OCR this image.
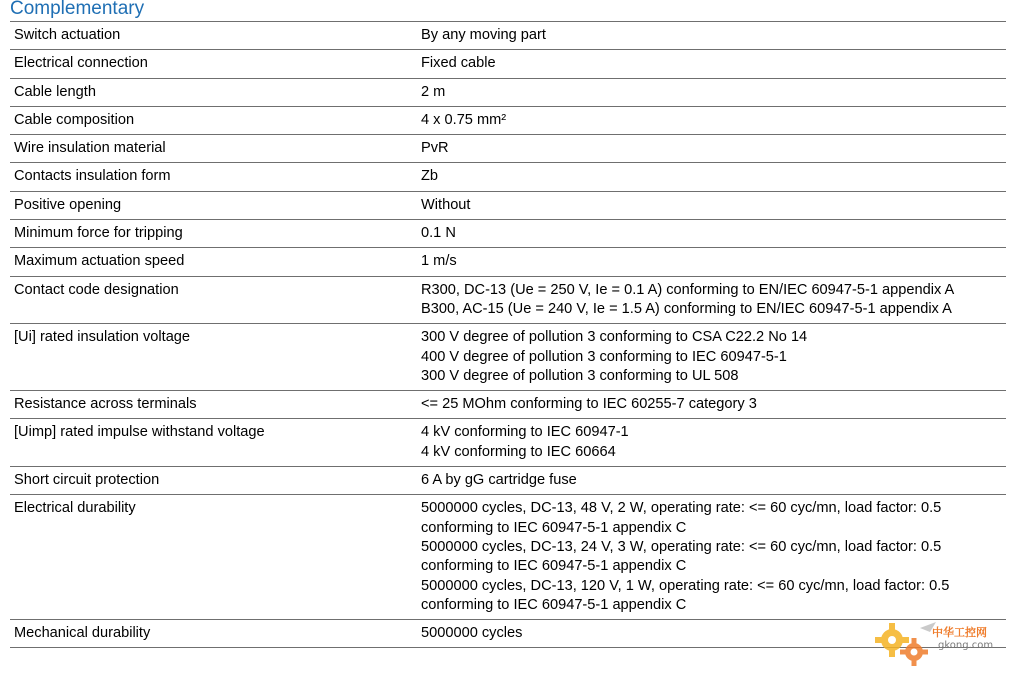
Complementary
Switch actuation	By any moving part

Electrical connection	Fixed cable

Cable length	2 m

Cable composition	4 x 0.75 mm²

Wire insulation material	PvR

Contacts insulation form	Zb

Positive opening	Without

Minimum force for tripping	0.1 N

Maximum actuation speed	1 m/s

Contact code designation	R300, DC-13 (Ue = 250 V, Ie = 0.1 A) conforming to EN/IEC 60947-5-1 appendix A
B300, AC-15 (Ue = 240 V, Ie = 1.5 A) conforming to EN/IEC 60947-5-1 appendix A

[Ui] rated insulation voltage	300 V degree of pollution 3 conforming to CSA C22.2 No 14
400 V degree of pollution 3 conforming to IEC 60947-5-1
300 V degree of pollution 3 conforming to UL 508

Resistance across terminals	<= 25 MOhm conforming to IEC 60255-7 category 3

[Uimp] rated impulse withstand voltage	4 kV conforming to IEC 60947-1
4 kV conforming to IEC 60664

Short circuit protection	6 A by gG cartridge fuse

Electrical durability	5000000 cycles, DC-13, 48 V, 2 W, operating rate: <= 60 cyc/mn, load factor: 0.5 conforming to IEC 60947-5-1 appendix C
5000000 cycles, DC-13, 24 V, 3 W, operating rate: <= 60 cyc/mn, load factor: 0.5 conforming to IEC 60947-5-1 appendix C
5000000 cycles, DC-13, 120 V, 1 W, operating rate: <= 60 cyc/mn, load factor: 0.5 conforming to IEC 60947-5-1 appendix C

Mechanical durability	5000000 cycles	中华工控网
gkong.com
